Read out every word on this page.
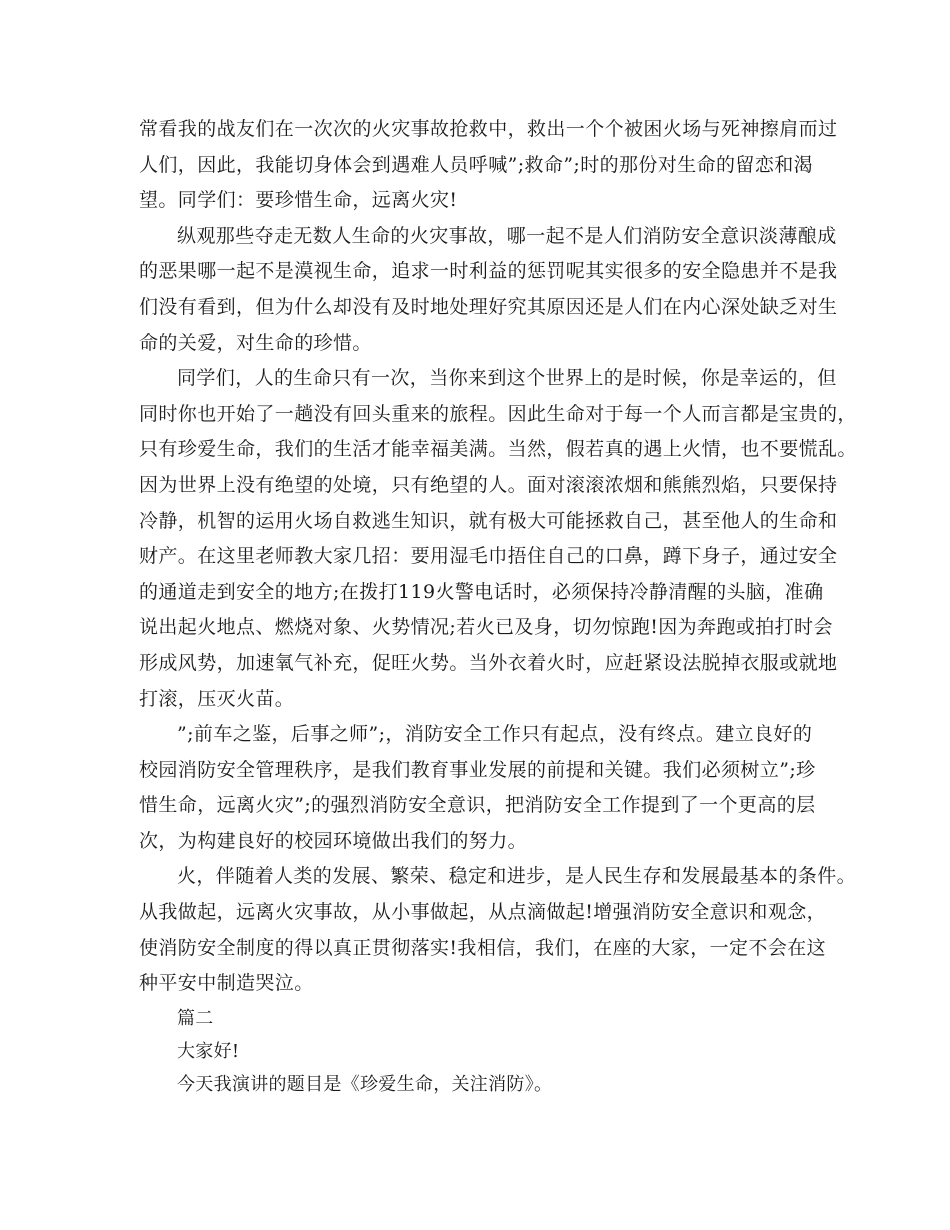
常看我的战友们在一次次的火灾事故抢救中，救出一个个被困火场与死神擦肩而过
人们，因此，我能切身体会到遇难人员呼喊”;救命”;时的那份对生命的留恋和渴
望。同学们：要珍惜生命，远离火灾!
纵观那些夺走无数人生命的火灾事故，哪一起不是人们消防安全意识淡薄酿成
的恶果哪一起不是漠视生命，追求一时利益的惩罚呢其实很多的安全隐患并不是我
们没有看到，但为什么却没有及时地处理好究其原因还是人们在内心深处缺乏对生
命的关爱，对生命的珍惜。
同学们，人的生命只有一次，当你来到这个世界上的是时候，你是幸运的，但
同时你也开始了一趟没有回头重来的旅程。因此生命对于每一个人而言都是宝贵的，
只有珍爱生命，我们的生活才能幸福美满。当然，假若真的遇上火情，也不要慌乱。
因为世界上没有绝望的处境，只有绝望的人。面对滚滚浓烟和熊熊烈焰，只要保持
冷静，机智的运用火场自救逃生知识，就有极大可能拯救自己，甚至他人的生命和
财产。在这里老师教大家几招：要用湿毛巾捂住自己的口鼻，蹲下身子，通过安全
的通道走到安全的地方;在拨打119火警电话时，必须保持冷静清醒的头脑，准确
说出起火地点、燃烧对象、火势情况;若火已及身，切勿惊跑!因为奔跑或拍打时会
形成风势，加速氧气补充，促旺火势。当外衣着火时，应赶紧设法脱掉衣服或就地
打滚，压灭火苗。
”;前车之鉴，后事之师”;，消防安全工作只有起点，没有终点。建立良好的
校园消防安全管理秩序，是我们教育事业发展的前提和关键。我们必须树立”;珍
惜生命，远离火灾”;的强烈消防安全意识，把消防安全工作提到了一个更高的层
次，为构建良好的校园环境做出我们的努力。
火，伴随着人类的发展、繁荣、稳定和进步，是人民生存和发展最基本的条件。
从我做起，远离火灾事故，从小事做起，从点滴做起!增强消防安全意识和观念，
使消防安全制度的得以真正贯彻落实!我相信，我们，在座的大家，一定不会在这
种平安中制造哭泣。
篇二
大家好!
今天我演讲的题目是《珍爱生命，关注消防》。
